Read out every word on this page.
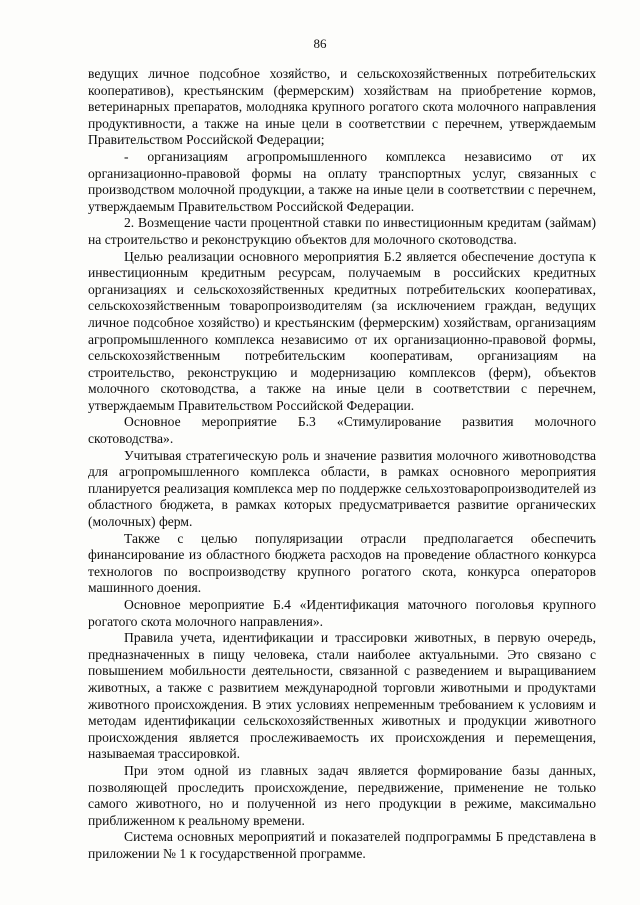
86

ведущих личное подсобное хозяйство, и сельскохозяйственных потребительских кооперативов), крестьянским (фермерским) хозяйствам на приобретение кормов, ветеринарных препаратов, молодняка крупного рогатого скота молочного направления продуктивности, а также на иные цели в соответствии с перечнем, утверждаемым Правительством Российской Федерации;

- организациям агропромышленного комплекса независимо от их организационно-правовой формы на оплату транспортных услуг, связанных с производством молочной продукции, а также на иные цели в соответствии с перечнем, утверждаемым Правительством Российской Федерации.

2. Возмещение части процентной ставки по инвестиционным кредитам (займам) на строительство и реконструкцию объектов для молочного скотоводства.

Целью реализации основного мероприятия Б.2 является обеспечение доступа к инвестиционным кредитным ресурсам, получаемым в российских кредитных организациях и сельскохозяйственных кредитных потребительских кооперативах, сельскохозяйственным товаропроизводителям (за исключением граждан, ведущих личное подсобное хозяйство) и крестьянским (фермерским) хозяйствам, организациям агропромышленного комплекса независимо от их организационно-правовой формы, сельскохозяйственным потребительским кооперативам, организациям на строительство, реконструкцию и модернизацию комплексов (ферм), объектов молочного скотоводства, а также на иные цели в соответствии с перечнем, утверждаемым Правительством Российской Федерации.

Основное мероприятие Б.3 «Стимулирование развития молочного скотоводства».

Учитывая стратегическую роль и значение развития молочного животноводства для агропромышленного комплекса области, в рамках основного мероприятия планируется реализация комплекса мер по поддержке сельхозтоваропроизводителей из областного бюджета, в рамках которых предусматривается развитие органических (молочных) ферм.

Также с целью популяризации отрасли предполагается обеспечить финансирование из областного бюджета расходов на проведение областного конкурса технологов по воспроизводству крупного рогатого скота, конкурса операторов машинного доения.

Основное мероприятие Б.4 «Идентификация маточного поголовья крупного рогатого скота молочного направления».

Правила учета, идентификации и трассировки животных, в первую очередь, предназначенных в пищу человека, стали наиболее актуальными. Это связано с повышением мобильности деятельности, связанной с разведением и выращиванием животных, а также с развитием международной торговли животными и продуктами животного происхождения. В этих условиях непременным требованием к условиям и методам идентификации сельскохозяйственных животных и продукции животного происхождения является прослеживаемость их происхождения и перемещения, называемая трассировкой.

При этом одной из главных задач является формирование базы данных, позволяющей проследить происхождение, передвижение, применение не только самого животного, но и полученной из него продукции в режиме, максимально приближенном к реальному времени.

Система основных мероприятий и показателей подпрограммы Б представлена в приложении № 1 к государственной программе.
